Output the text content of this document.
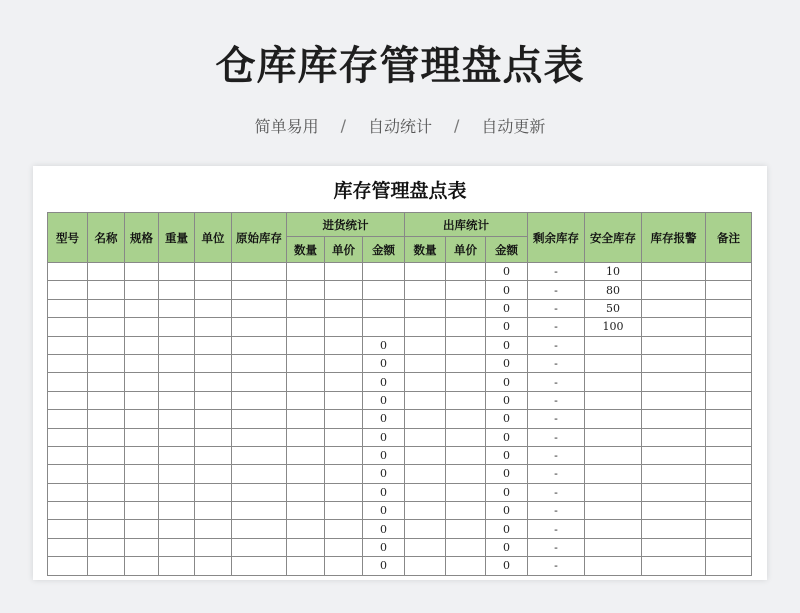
仓库库存管理盘点表
简单易用 / 自动统计 / 自动更新
库存管理盘点表
型号	名称	规格	重量	单位	原始库存	进货统计			出库统计			剩余库存	安全库存	库存报警	备注
						数量	单价	金额	数量	单价	金额				
											0	-	10		
											0	-	80		
											0	-	50		
											0	-	100		
								0			0	-			
								0			0	-			
								0			0	-			
								0			0	-			
								0			0	-			
								0			0	-			
								0			0	-			
								0			0	-			
								0			0	-			
								0			0	-			
								0			0	-			
								0			0	-			
								0			0	-			
